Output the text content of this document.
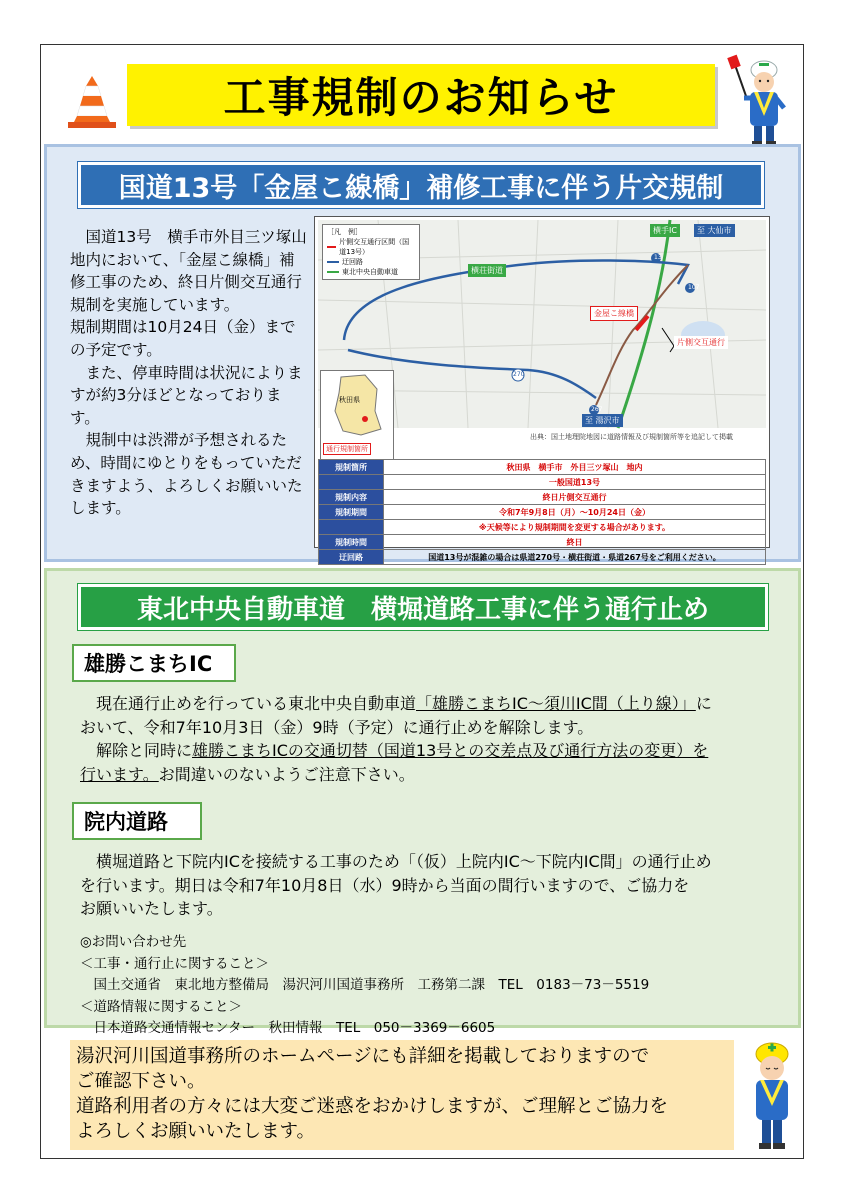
工事規制のお知らせ
国道13号「金屋こ線橋」補修工事に伴う片交規制

　国道13号　横手市外目三ツ塚山地内において、「金屋こ線橋」補修工事のため、終日片側交互通行規制を実施しています。

規制期間は10月24日（金）までの予定です。

　また、停車時間は状況によりますが約3分ほどとなっております。

　規制中は渋滞が予想されるため、時間にゆとりをもっていただきますよう、よろしくお願いいたします。

［凡　例］
片側交互通行区間（国道13号）
迂回路
東北中央自動車道
横手IC	至 大仙市
横荘街道
金屋こ線橋
片側交互通行
至 湯沢市
13
107
270
267
秋田県
通行規制箇所
出典：国土地理院地図に道路情報及び規制箇所等を追記して掲載
規制箇所	秋田県　横手市　外目三ツ塚山　地内
	一般国道13号
規制内容	終日片側交互通行
規制期間	令和7年9月8日（月）〜10月24日（金）
	※天候等により規制期間を変更する場合があります。
規制時間	終日
迂回路	国道13号が混雑の場合は県道270号・横荘街道・県道267号をご利用ください。
東北中央自動車道　横堀道路工事に伴う通行止め
雄勝こまちIC

　現在通行止めを行っている東北中央自動車道「雄勝こまちIC〜須川IC間（上り線）」に

おいて、令和7年10月3日（金）9時（予定）に通行止めを解除します。

　解除と同時に雄勝こまちICの交通切替（国道13号との交差点及び通行方法の変更）を

行います。お間違いのないようご注意下さい。

院内道路

　横堀道路と下院内ICを接続する工事のため「（仮）上院内IC〜下院内IC間」の通行止め

を行います。期日は令和7年10月8日（水）9時から当面の間行いますので、ご協力を

お願いいたします。

◎お問い合わせ先

＜工事・通行止に関すること＞

　国土交通省　東北地方整備局　湯沢河川国道事務所　工務第二課　TEL　0183－73－5519

＜道路情報に関すること＞

　日本道路交通情報センター　秋田情報　TEL　050－3369－6605

湯沢河川国道事務所のホームページにも詳細を掲載しておりますので

ご確認下さい。

道路利用者の方々には大変ご迷惑をおかけしますが、ご理解とご協力を

よろしくお願いいたします。
